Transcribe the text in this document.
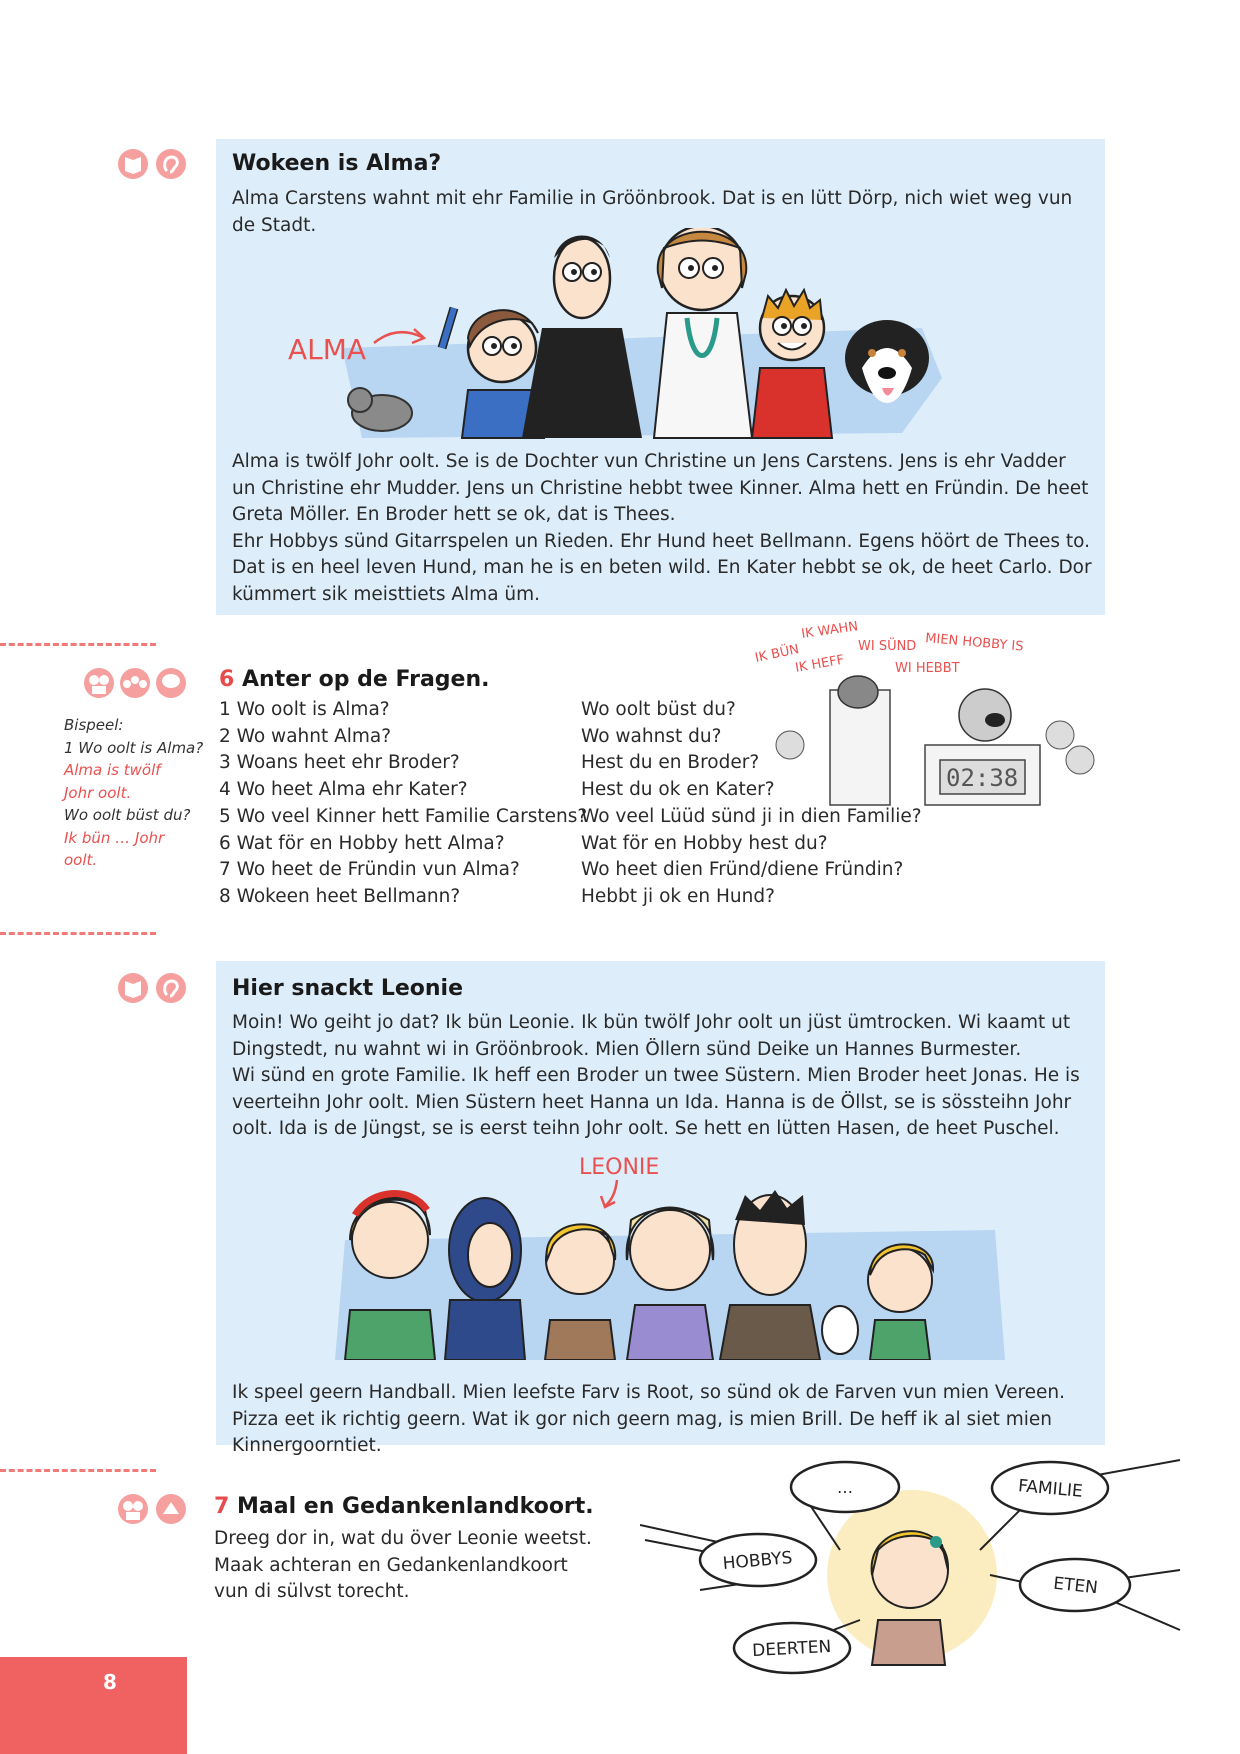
Wokeen is Alma?

Alma Carstens wahnt mit ehr Familie in Gröönbrook. Dat is en lütt Dörp, nich wiet weg vun de Stadt.

ALMA

Alma is twölf Johr oolt. Se is de Dochter vun Christine un Jens Carstens. Jens is ehr Vadder un Christine ehr Mudder. Jens un Christine hebbt twee Kinner. Alma hett en Fründin. De heet Greta Möller. En Broder hett se ok, dat is Thees.

Ehr Hobbys sünd Gitarrspelen un Rieden. Ehr Hund heet Bellmann. Egens höört de Thees to. Dat is en heel leven Hund, man he is en beten wild. En Kater hebbt se ok, de heet Carlo. Dor kümmert sik meisttiets Alma üm.

Bispeel:
1 Wo oolt is Alma?
Alma is twölf Johr oolt.
Wo oolt büst du?
Ik bün … Johr oolt.
6 Anter op de Fragen.
1 Wo oolt is Alma?
2 Wo wahnt Alma?
3 Woans heet ehr Broder?
4 Wo heet Alma ehr Kater?
5 Wo veel Kinner hett Familie Carstens?
6 Wat för en Hobby hett Alma?
7 Wo heet de Fründin vun Alma?
8 Wokeen heet Bellmann?
Wo oolt büst du?
Wo wahnst du?
Hest du en Broder?
Hest du ok en Kater?
Wo veel Lüüd sünd ji in dien Familie?
Wat för en Hobby hest du?
Wo heet dien Fründ/diene Fründin?
Hebbt ji ok en Hund?
IK BÜN
IK WAHN
IK HEFF
WI SÜND
WI HEBBT
MIEN HOBBY IS
02:38
Hier snackt Leonie

Moin! Wo geiht jo dat? Ik bün Leonie. Ik bün twölf Johr oolt un jüst ümtrocken. Wi kaamt ut Dingstedt, nu wahnt wi in Gröönbrook. Mien Öllern sünd Deike un Hannes Burmester.

Wi sünd en grote Familie. Ik heff een Broder un twee Süstern. Mien Broder heet Jonas. He is veerteihn Johr oolt. Mien Süstern heet Hanna un Ida. Hanna is de Öllst, se is sössteihn Johr oolt. Ida is de Jüngst, se is eerst teihn Johr oolt. Se hett en lütten Hasen, de heet Puschel.

LEONIE

Ik speel geern Handball. Mien leefste Farv is Root, so sünd ok de Farven vun mien Vereen. Pizza eet ik richtig geern. Wat ik gor nich geern mag, is mien Brill. De heff ik al siet mien Kinnergoorntiet.

7 Maal en Gedankenlandkoort.

Dreeg dor in, wat du över Leonie weetst. Maak achteran en Gedankenlandkoort vun di sülvst torecht.

…	FAMILIE
HOBBYS
ETEN
DEERTEN
8
